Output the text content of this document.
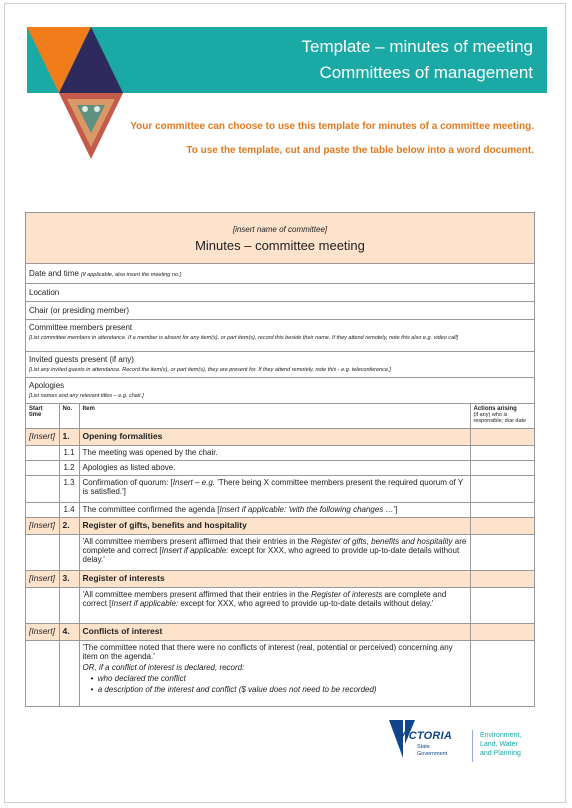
Template – minutes of meeting
Committees of management
Your committee can choose to use this template for minutes of a committee meeting.
To use the template, cut and paste the table below into a word document.
[insert name of committee]
Minutes – committee meeting
Date and time [If applicable, also insert the meeting no.]
Location
Chair (or presiding member)
Committee members present
[List committee members in attendance. If a member is absent for any item(s), or part item(s), record this beside their name. If they attend remotely, note this also e.g. video call]
Invited guests present (if any)
[List any invited guests in attendance. Record the item(s), or part item(s), they are present for. If they attend remotely, note this - e.g. teleconference.]
Apologies
[List names and any relevant titles – e.g. chair.]
Start time	No.	Item	Actions arising
(if any) who is responsible; due date

[Insert]	1.	Opening formalities	
	1.1	The meeting was opened by the chair.	
	1.2	Apologies as listed above.	
	1.3	Confirmation of quorum: [Insert – e.g. 'There being X committee members present the required quorum of Y is satisfied.']	
	1.4	The committee confirmed the agenda [Insert if applicable: 'with the following changes …']	
[Insert]	2.	Register of gifts, benefits and hospitality	
		'All committee members present affirmed that their entries in the Register of gifts, benefits and hospitality are complete and correct [Insert if applicable: except for XXX, who agreed to provide up-to-date details without delay.'	
[Insert]	3.	Register of interests	
		'All committee members present affirmed that their entries in the Register of interests are complete and correct [Insert if applicable: except for XXX, who agreed to provide up-to-date details without delay.'	
[Insert]	4.	Conflicts of interest	

		'The committee noted that there were no conflicts of interest (real, potential or perceived) concerning any item on the agenda.'
OR, if a conflict of interest is declared, record:
•  who declared the conflict
•  a description of the interest and conflict ($ value does not need to be recorded)	

VICTORIA
State
Government
Environment,
Land, Water
and Planning
